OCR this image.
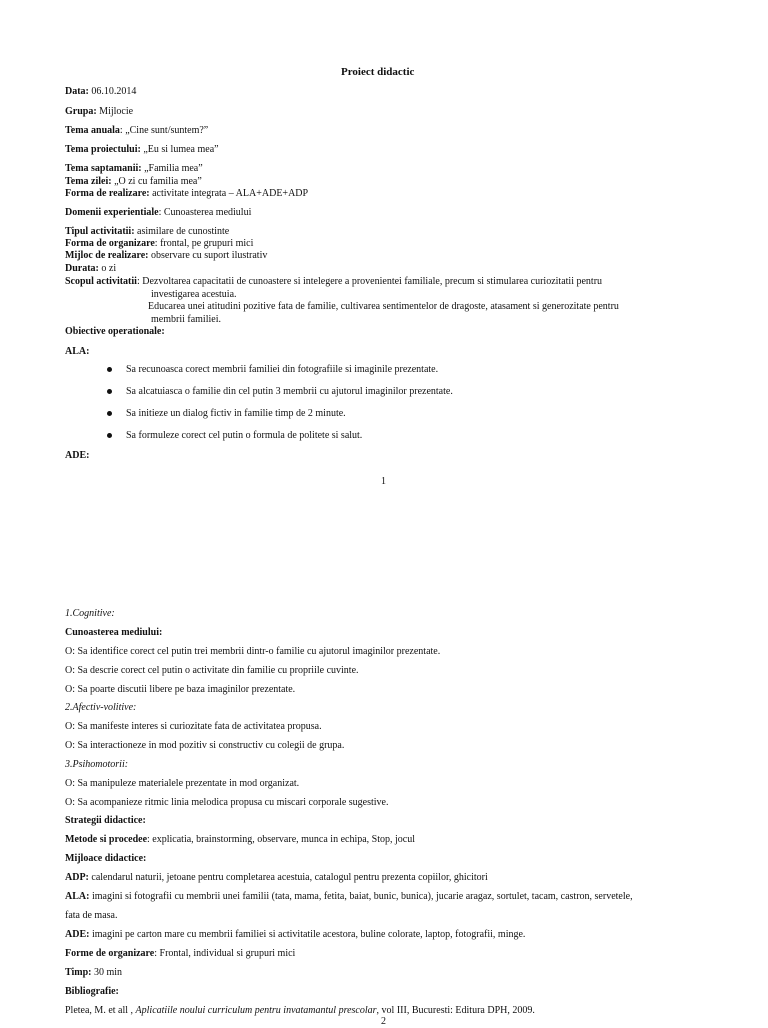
Proiect didactic
Data: 06.10.2014
Grupa: Mijlocie
Tema anuala: „Cine sunt/suntem?”
Tema proiectului: „Eu si lumea mea”
Tema saptamanii: „Familia mea”
Tema zilei: „O zi cu familia mea”
Forma de realizare: activitate integrata – ALA+ADE+ADP
Domenii experientiale: Cunoasterea mediului
Tipul activitatii: asimilare de cunostinte
Forma de organizare: frontal, pe grupuri mici
Mijloc de realizare: observare cu suport ilustrativ
Durata: o zi
Scopul activitatii: Dezvoltarea capacitatii de cunoastere si intelegere a provenientei familiale, precum si stimularea curiozitatii pentru
investigarea acestuia.
Educarea unei atitudini pozitive fata de familie, cultivarea sentimentelor de dragoste, atasament si generozitate pentru
membrii familiei.
Obiective operationale:
ALA:
Sa recunoasca corect membrii familiei din fotografiile si imaginile prezentate.
Sa alcatuiasca o familie din cel putin 3 membrii cu ajutorul imaginilor prezentate.
Sa initieze un dialog fictiv in familie timp de 2 minute.
Sa formuleze corect cel putin o formula de politete si salut.
ADE:
1
1.Cognitive:
Cunoasterea mediului:
O: Sa identifice corect cel putin trei membrii dintr-o familie cu ajutorul imaginilor prezentate.
O: Sa descrie corect cel putin o activitate din familie cu propriile cuvinte.
O: Sa poarte discutii libere pe baza imaginilor prezentate.
2.Afectiv-volitive:
O: Sa manifeste interes si curiozitate fata de activitatea propusa.
O: Sa interactioneze in mod pozitiv si constructiv cu colegii de grupa.
3.Psihomotorii:
O: Sa manipuleze materialele prezentate in mod organizat.
O: Sa acompanieze ritmic linia melodica propusa cu miscari corporale sugestive.
Strategii didactice:
Metode si procedee: explicatia, brainstorming, observare, munca in echipa, Stop, jocul
Mijloace didactice:
ADP: calendarul naturii, jetoane pentru completarea acestuia, catalogul pentru prezenta copiilor, ghicitori
ALA: imagini si fotografii cu membrii unei familii (tata, mama, fetita, baiat, bunic, bunica), jucarie aragaz, sortulet, tacam, castron, servetele,
fata de masa.
ADE: imagini pe carton mare cu membrii familiei si activitatile acestora, buline colorate, laptop, fotografii, minge.
Forme de organizare: Frontal, individual si grupuri mici
Timp: 30 min
Bibliografie:
Pletea, M. et all , Aplicatiile noului curriculum pentru invatamantul prescolar, vol III, Bucuresti: Editura DPH, 2009.
2
